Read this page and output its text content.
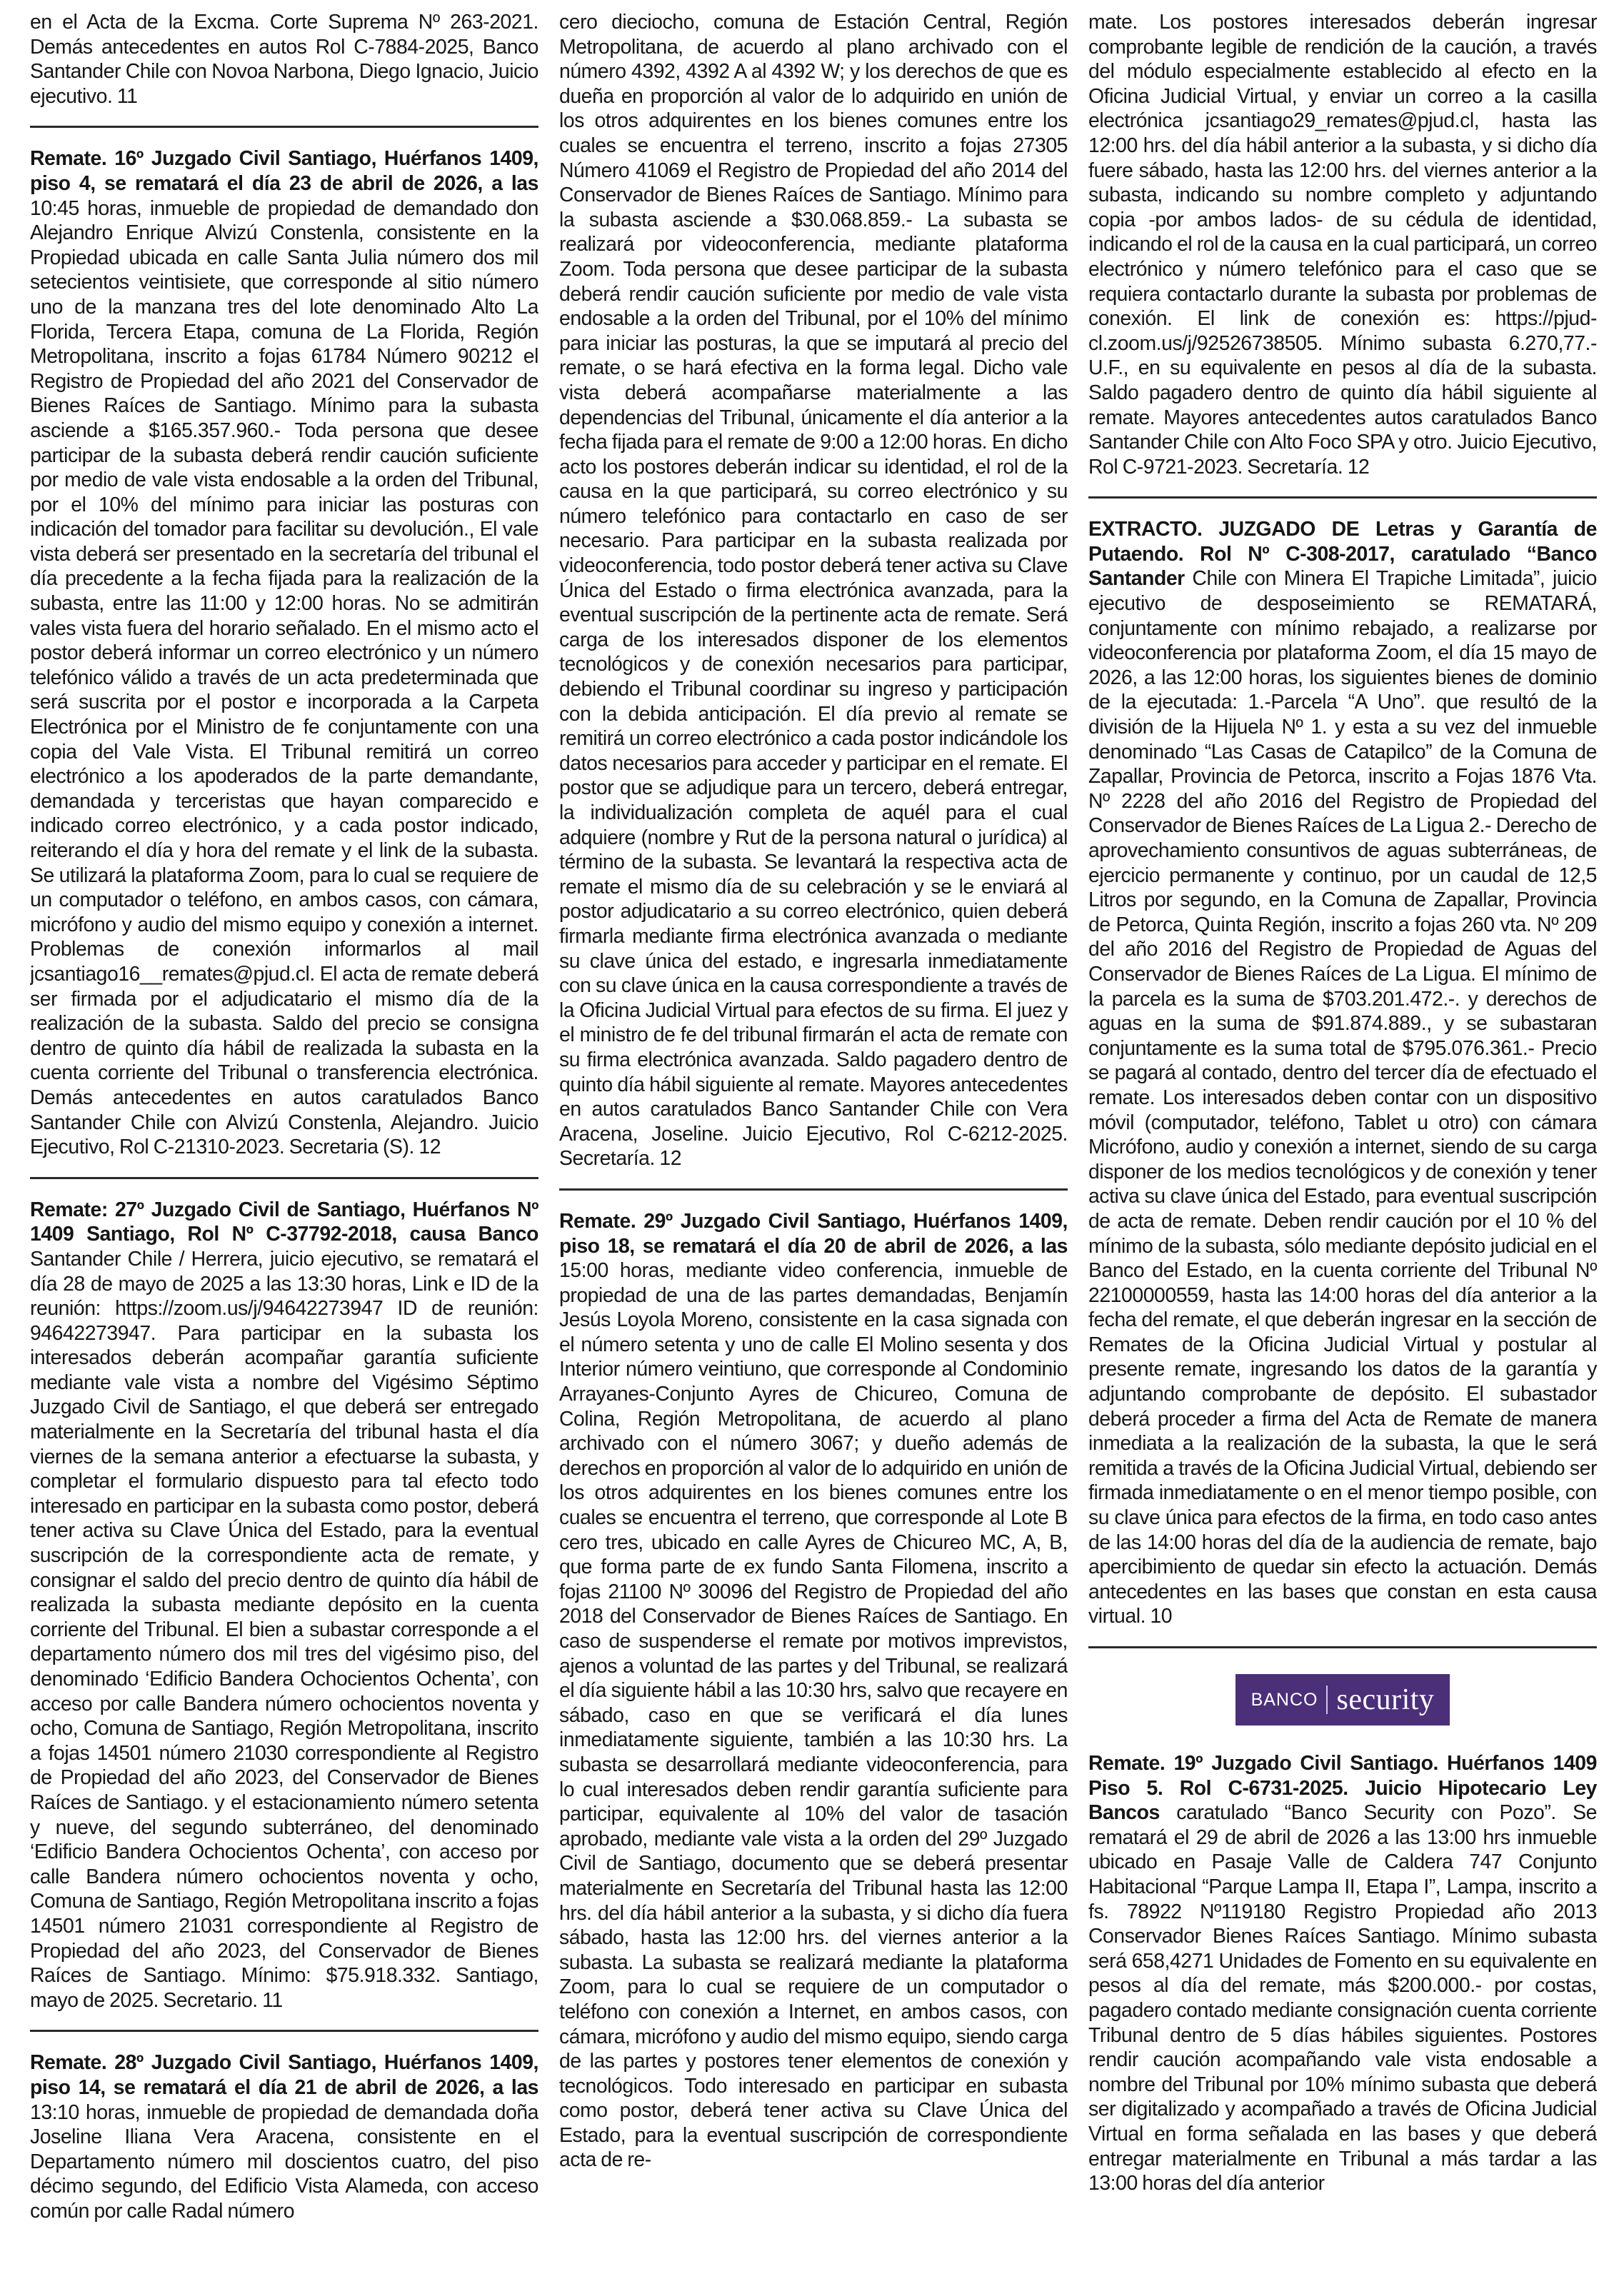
en el Acta de la Excma. Corte Suprema Nº 263-2021. Demás antecedentes en autos Rol C-7884-2025, Banco Santander Chile con Novoa Narbona, Diego Ignacio, Juicio ejecutivo. 11

Remate. 16º Juzgado Civil Santiago, Huérfanos 1409, piso 4, se rematará el día 23 de abril de 2026, a las 10:45 horas, inmueble de propiedad de demandado don Alejandro Enrique Alvizú Constenla, consistente en la Propiedad ubicada en calle Santa Julia número dos mil setecientos veintisiete, que corresponde al sitio número uno de la manzana tres del lote denominado Alto La Florida, Tercera Etapa, comuna de La Florida, Región Metropolitana, inscrito a fojas 61784 Número 90212 el Registro de Propiedad del año 2021 del Conservador de Bienes Raíces de Santiago. Mínimo para la subasta asciende a $165.357.960.- Toda persona que desee participar de la subasta deberá rendir caución suficiente por medio de vale vista endosable a la orden del Tribunal, por el 10% del mínimo para iniciar las posturas con indicación del tomador para facilitar su devolución., El vale vista deberá ser presentado en la secretaría del tribunal el día precedente a la fecha fijada para la realización de la subasta, entre las 11:00 y 12:00 horas. No se admitirán vales vista fuera del horario señalado. En el mismo acto el postor deberá informar un correo electrónico y un número telefónico válido a través de un acta predeterminada que será suscrita por el postor e incorporada a la Carpeta Electrónica por el Ministro de fe conjuntamente con una copia del Vale Vista. El Tribunal remitirá un correo electrónico a los apoderados de la parte demandante, demandada y terceristas que hayan comparecido e indicado correo electrónico, y a cada postor indicado, reiterando el día y hora del remate y el link de la subasta. Se utilizará la plataforma Zoom, para lo cual se requiere de un computador o teléfono, en ambos casos, con cámara, micrófono y audio del mismo equipo y conexión a internet. Problemas de conexión informarlos al mail jcsantiago16__remates@pjud.cl. El acta de remate deberá ser firmada por el adjudicatario el mismo día de la realización de la subasta. Saldo del precio se consigna dentro de quinto día hábil de realizada la subasta en la cuenta corriente del Tribunal o transferencia electrónica. Demás antecedentes en autos caratulados Banco Santander Chile con Alvizú Constenla, Alejandro. Juicio Ejecutivo, Rol C-21310-2023. Secretaria (S). 12

Remate: 27º Juzgado Civil de Santiago, Huérfanos Nº 1409 Santiago, Rol Nº C-37792-2018, causa Banco Santander Chile / Herrera, juicio ejecutivo, se rematará el día 28 de mayo de 2025 a las 13:30 horas, Link e ID de la reunión: https://zoom.us/j/94642273947 ID de reunión: 94642273947. Para participar en la subasta los interesados deberán acompañar garantía suficiente mediante vale vista a nombre del Vigésimo Séptimo Juzgado Civil de Santiago, el que deberá ser entregado materialmente en la Secretaría del tribunal hasta el día viernes de la semana anterior a efectuarse la subasta, y completar el formulario dispuesto para tal efecto todo interesado en participar en la subasta como postor, deberá tener activa su Clave Única del Estado, para la eventual suscripción de la correspondiente acta de remate, y consignar el saldo del precio dentro de quinto día hábil de realizada la subasta mediante depósito en la cuenta corriente del Tribunal. El bien a subastar corresponde a el departamento número dos mil tres del vigésimo piso, del denominado ‘Edificio Bandera Ochocientos Ochenta’, con acceso por calle Bandera número ochocientos noventa y ocho, Comuna de Santiago, Región Metropolitana, inscrito a fojas 14501 número 21030 correspondiente al Registro de Propiedad del año 2023, del Conservador de Bienes Raíces de Santiago. y el estacionamiento número setenta y nueve, del segundo subterráneo, del denominado ‘Edificio Bandera Ochocientos Ochenta’, con acceso por calle Bandera número ochocientos noventa y ocho, Comuna de Santiago, Región Metropolitana inscrito a fojas 14501 número 21031 correspondiente al Registro de Propiedad del año 2023, del Conservador de Bienes Raíces de Santiago. Mínimo: $75.918.332. Santiago, mayo de 2025. Secretario. 11

Remate. 28º Juzgado Civil Santiago, Huérfanos 1409, piso 14, se rematará el día 21 de abril de 2026, a las 13:10 horas, inmueble de propiedad de demandada doña Joseline Iliana Vera Aracena, consistente en el Departamento número mil doscientos cuatro, del piso décimo segundo, del Edificio Vista Alameda, con acceso común por calle Radal número

cero dieciocho, comuna de Estación Central, Región Metropolitana, de acuerdo al plano archivado con el número 4392, 4392 A al 4392 W; y los derechos de que es dueña en proporción al valor de lo adquirido en unión de los otros adquirentes en los bienes comunes entre los cuales se encuentra el terreno, inscrito a fojas 27305 Número 41069 el Registro de Propiedad del año 2014 del Conservador de Bienes Raíces de Santiago. Mínimo para la subasta asciende a $30.068.859.- La subasta se realizará por videoconferencia, mediante plataforma Zoom. Toda persona que desee participar de la subasta deberá rendir caución suficiente por medio de vale vista endosable a la orden del Tribunal, por el 10% del mínimo para iniciar las posturas, la que se imputará al precio del remate, o se hará efectiva en la forma legal. Dicho vale vista deberá acompañarse materialmente a las dependencias del Tribunal, únicamente el día anterior a la fecha fijada para el remate de 9:00 a 12:00 horas. En dicho acto los postores deberán indicar su identidad, el rol de la causa en la que participará, su correo electrónico y su número telefónico para contactarlo en caso de ser necesario. Para participar en la subasta realizada por videoconferencia, todo postor deberá tener activa su Clave Única del Estado o firma electrónica avanzada, para la eventual suscripción de la pertinente acta de remate. Será carga de los interesados disponer de los elementos tecnológicos y de conexión necesarios para participar, debiendo el Tribunal coordinar su ingreso y participación con la debida anticipación. El día previo al remate se remitirá un correo electrónico a cada postor indicándole los datos necesarios para acceder y participar en el remate. El postor que se adjudique para un tercero, deberá entregar, la individualización completa de aquél para el cual adquiere (nombre y Rut de la persona natural o jurídica) al término de la subasta. Se levantará la respectiva acta de remate el mismo día de su celebración y se le enviará al postor adjudicatario a su correo electrónico, quien deberá firmarla mediante firma electrónica avanzada o mediante su clave única del estado, e ingresarla inmediatamente con su clave única en la causa correspondiente a través de la Oficina Judicial Virtual para efectos de su firma. El juez y el ministro de fe del tribunal firmarán el acta de remate con su firma electrónica avanzada. Saldo pagadero dentro de quinto día hábil siguiente al remate. Mayores antecedentes en autos caratulados Banco Santander Chile con Vera Aracena, Joseline. Juicio Ejecutivo, Rol C-6212-2025. Secretaría. 12

Remate. 29º Juzgado Civil Santiago, Huérfanos 1409, piso 18, se rematará el día 20 de abril de 2026, a las 15:00 horas, mediante video conferencia, inmueble de propiedad de una de las partes demandadas, Benjamín Jesús Loyola Moreno, consistente en la casa signada con el número setenta y uno de calle El Molino sesenta y dos Interior número veintiuno, que corresponde al Condominio Arrayanes-Conjunto Ayres de Chicureo, Comuna de Colina, Región Metropolitana, de acuerdo al plano archivado con el número 3067; y dueño además de derechos en proporción al valor de lo adquirido en unión de los otros adquirentes en los bienes comunes entre los cuales se encuentra el terreno, que corresponde al Lote B cero tres, ubicado en calle Ayres de Chicureo MC, A, B, que forma parte de ex fundo Santa Filomena, inscrito a fojas 21100 Nº 30096 del Registro de Propiedad del año 2018 del Conservador de Bienes Raíces de Santiago. En caso de suspenderse el remate por motivos imprevistos, ajenos a voluntad de las partes y del Tribunal, se realizará el día siguiente hábil a las 10:30 hrs, salvo que recayere en sábado, caso en que se verificará el día lunes inmediatamente siguiente, también a las 10:30 hrs. La subasta se desarrollará mediante videoconferencia, para lo cual interesados deben rendir garantía suficiente para participar, equivalente al 10% del valor de tasación aprobado, mediante vale vista a la orden del 29º Juzgado Civil de Santiago, documento que se deberá presentar materialmente en Secretaría del Tribunal hasta las 12:00 hrs. del día hábil anterior a la subasta, y si dicho día fuera sábado, hasta las 12:00 hrs. del viernes anterior a la subasta. La subasta se realizará mediante la plataforma Zoom, para lo cual se requiere de un computador o teléfono con conexión a Internet, en ambos casos, con cámara, micrófono y audio del mismo equipo, siendo carga de las partes y postores tener elementos de conexión y tecnológicos. Todo interesado en participar en subasta como postor, deberá tener activa su Clave Única del Estado, para la eventual suscripción de correspondiente acta de re-

mate. Los postores interesados deberán ingresar comprobante legible de rendición de la caución, a través del módulo especialmente establecido al efecto en la Oficina Judicial Virtual, y enviar un correo a la casilla electrónica jcsantiago29_remates@pjud.cl, hasta las 12:00 hrs. del día hábil anterior a la subasta, y si dicho día fuere sábado, hasta las 12:00 hrs. del viernes anterior a la subasta, indicando su nombre completo y adjuntando copia -por ambos lados- de su cédula de identidad, indicando el rol de la causa en la cual participará, un correo electrónico y número telefónico para el caso que se requiera contactarlo durante la subasta por problemas de conexión. El link de conexión es: https://pjud-cl.zoom.us/j/92526738505. Mínimo subasta 6.270,77.- U.F., en su equivalente en pesos al día de la subasta. Saldo pagadero dentro de quinto día hábil siguiente al remate. Mayores antecedentes autos caratulados Banco Santander Chile con Alto Foco SPA y otro. Juicio Ejecutivo, Rol C-9721-2023. Secretaría. 12

EXTRACTO. JUZGADO DE Letras y Garantía de Putaendo. Rol Nº C-308-2017, caratulado “Banco Santander Chile con Minera El Trapiche Limitada”, juicio ejecutivo de desposeimiento se REMATARÁ, conjuntamente con mínimo rebajado, a realizarse por videoconferencia por plataforma Zoom, el día 15 mayo de 2026, a las 12:00 horas, los siguientes bienes de dominio de la ejecutada: 1.-Parcela “A Uno”. que resultó de la división de la Hijuela Nº 1. y esta a su vez del inmueble denominado “Las Casas de Catapilco” de la Comuna de Zapallar, Provincia de Petorca, inscrito a Fojas 1876 Vta. Nº 2228 del año 2016 del Registro de Propiedad del Conservador de Bienes Raíces de La Ligua 2.- Derecho de aprovechamiento consuntivos de aguas subterráneas, de ejercicio permanente y continuo, por un caudal de 12,5 Litros por segundo, en la Comuna de Zapallar, Provincia de Petorca, Quinta Región, inscrito a fojas 260 vta. Nº 209 del año 2016 del Registro de Propiedad de Aguas del Conservador de Bienes Raíces de La Ligua. El mínimo de la parcela es la suma de $703.201.472.-. y derechos de aguas en la suma de $91.874.889., y se subastaran conjuntamente es la suma total de $795.076.361.- Precio se pagará al contado, dentro del tercer día de efectuado el remate. Los interesados deben contar con un dispositivo móvil (computador, teléfono, Tablet u otro) con cámara Micrófono, audio y conexión a internet, siendo de su carga disponer de los medios tecnológicos y de conexión y tener activa su clave única del Estado, para eventual suscripción de acta de remate. Deben rendir caución por el 10 % del mínimo de la subasta, sólo mediante depósito judicial en el Banco del Estado, en la cuenta corriente del Tribunal Nº 22100000559, hasta las 14:00 horas del día anterior a la fecha del remate, el que deberán ingresar en la sección de Remates de la Oficina Judicial Virtual y postular al presente remate, ingresando los datos de la garantía y adjuntando comprobante de depósito. El subastador deberá proceder a firma del Acta de Remate de manera inmediata a la realización de la subasta, la que le será remitida a través de la Oficina Judicial Virtual, debiendo ser firmada inmediatamente o en el menor tiempo posible, con su clave única para efectos de la firma, en todo caso antes de las 14:00 horas del día de la audiencia de remate, bajo apercibimiento de quedar sin efecto la actuación. Demás antecedentes en las bases que constan en esta causa virtual. 10

BANCO security

Remate. 19º Juzgado Civil Santiago. Huérfanos 1409 Piso 5. Rol C-6731-2025. Juicio Hipotecario Ley Bancos caratulado “Banco Security con Pozo”. Se rematará el 29 de abril de 2026 a las 13:00 hrs inmueble ubicado en Pasaje Valle de Caldera 747 Conjunto Habitacional “Parque Lampa II, Etapa I”, Lampa, inscrito a fs. 78922 Nº119180 Registro Propiedad año 2013 Conservador Bienes Raíces Santiago. Mínimo subasta será 658,4271 Unidades de Fomento en su equivalente en pesos al día del remate, más $200.000.- por costas, pagadero contado mediante consignación cuenta corriente Tribunal dentro de 5 días hábiles siguientes. Postores rendir caución acompañando vale vista endosable a nombre del Tribunal por 10% mínimo subasta que deberá ser digitalizado y acompañado a través de Oficina Judicial Virtual en forma señalada en las bases y que deberá entregar materialmente en Tribunal a más tardar a las 13:00 horas del día anterior
